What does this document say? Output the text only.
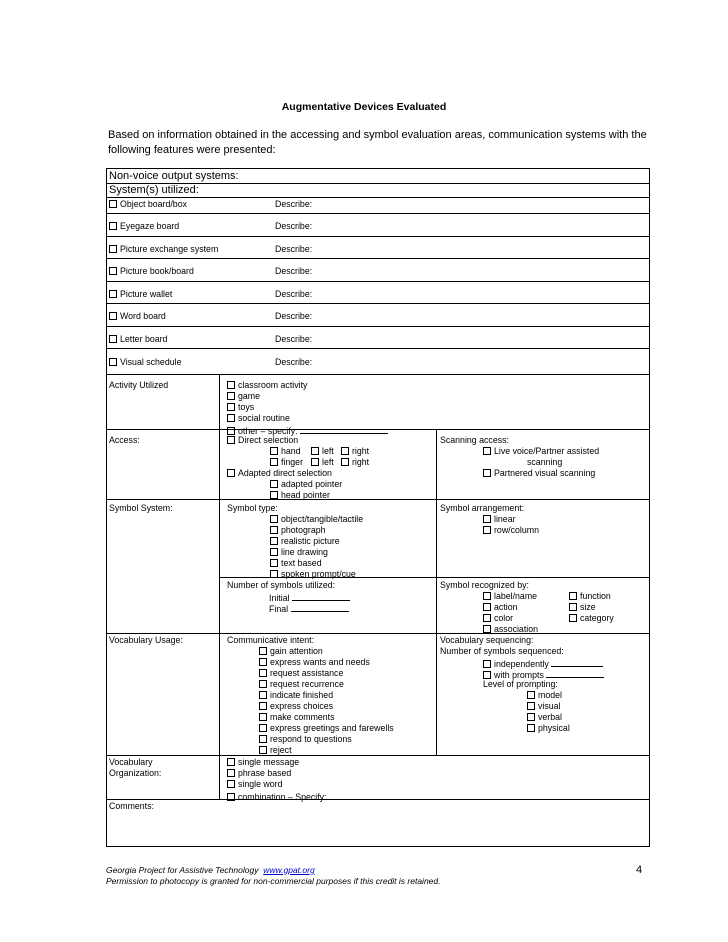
Augmentative Devices Evaluated
Based on information obtained in the accessing and symbol evaluation areas, communication systems with the following features were presented:
Non-voice output systems:
System(s) utilized:
Object board/box	Describe:
Eyegaze board	Describe:
Picture exchange system	Describe:
Picture book/board	Describe:
Picture wallet	Describe:
Word board	Describe:
Letter board	Describe:
Visual schedule	Describe:
Activity Utilized	classroom activity
game
toys
social routine
other – specify:
Access:	Direct selection
hand	left	right
finger	left	right
Adapted direct selection
adapted pointer
head pointer
Scanning access:
Live voice/Partner assisted
scanning
Partnered visual scanning
Symbol System:	Symbol type:
object/tangible/tactile
photograph
realistic picture
line drawing
text based
spoken prompt/cue
Symbol arrangement:
linear
row/column
Number of symbols utilized:
Initial
Final
Symbol recognized by:
label/name
action
color
association
function
size
category
Vocabulary Usage:	Communicative intent:
gain attention
express wants and needs
request assistance
request recurrence
indicate finished
express choices
make comments
express greetings and farewells
respond to questions
reject
Vocabulary sequencing:
Number of symbols sequenced:
independently
with prompts
Level of prompting:
model
visual
verbal
physical
Vocabulary
Organization:
single message
phrase based
single word
combination – Specify:
Comments:
Georgia Project for Assistive Technology www.gpat.org
Permission to photocopy is granted for non-commercial purposes if this credit is retained.
4
